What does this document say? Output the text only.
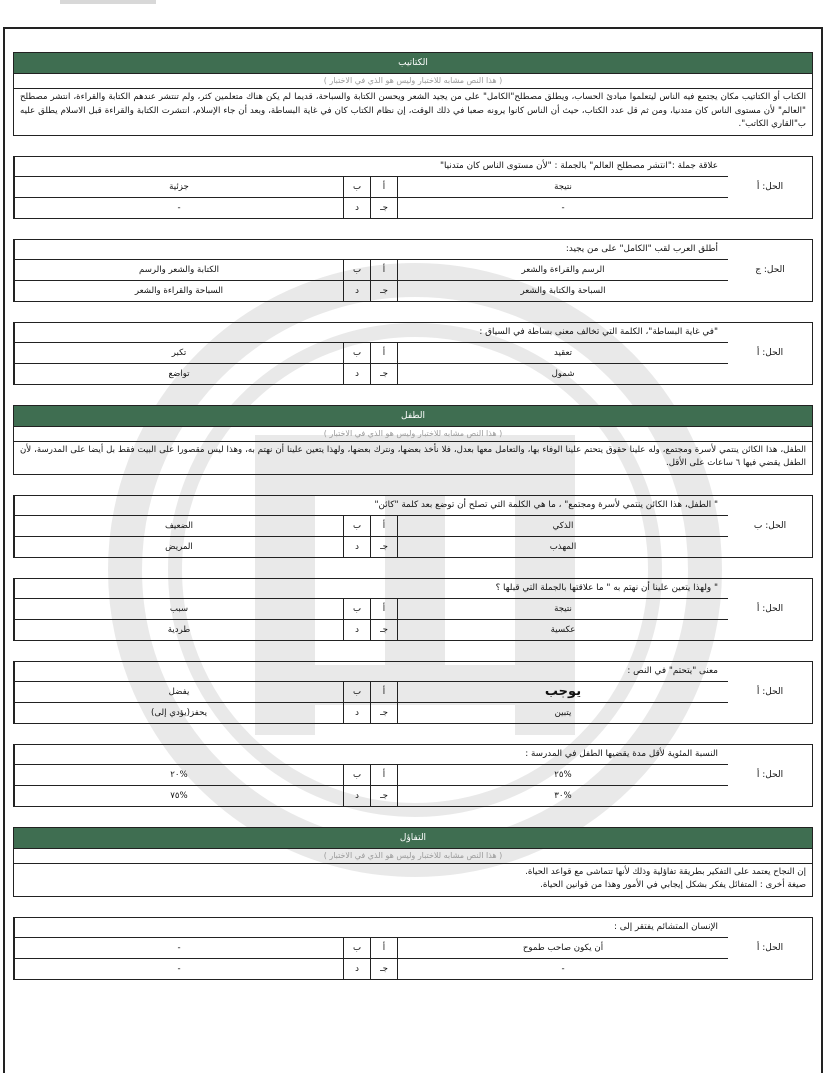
الكتاتيب
( هذا النص مشابه للاختبار وليس هو الذي في الاختبار )
الكتاب أو الكتاتيب مكان يجتمع فيه الناس ليتعلموا مبادئ الحساب، ويطلق مصطلح"الكامل" على من يجيد الشعر ويحسن الكتابة والسباحة، قديما لم يكن هناك متعلمين كثر، ولم تنتشر عندهم الكتابة والقراءة، انتشر مصطلح "العالم" لأن مستوى الناس كان متدنيا، ومن ثم قل عدد الكتاب، حيث أن الناس كانوا يرونه صعبا في ذلك الوقت، إن نظام الكتاب كان في غاية البساطة، وبعد أن جاء الإسلام، انتشرت الكتابة والقراءة قبل الاسلام يطلق عليه ب"القاري الكاتب".
علاقة جملة :"انتشر مصطلح العالم" بالجملة : "لأن مستوى الناس كان متدنيا"
نتيجة
أ
ب
جزئية
-
جـ
د
-
الحل: أ
أطلق العرب لقب "الكامل" على من يجيد:
الرسم والقراءة والشعر
أ
ب
الكتابة والشعر والرسم
السباحة والكتابة والشعر
جـ
د
السباحة والقراءة والشعر
الحل: ج
"في غاية البساطة"، الكلمة التي تخالف معنى بساطة في السياق :
تعقيد
أ
ب
تكبر
شمول
جـ
د
تواضع
الحل: أ
الطفل
( هذا النص مشابه للاختبار وليس هو الذي في الاختبار )
الطفل، هذا الكائن ينتمي لأسرة ومجتمع، وله علينا حقوق يتحتم علينا الوفاء بها، والتعامل معها بعدل، فلا نأخذ بعضها، ونترك بعضها، ولهذا يتعين علينا أن نهتم به، وهذا ليس مقصورا على البيت فقط بل أيضا على المدرسة، لأن الطفل يقضي فيها ٦ ساعات على الأقل.
" الطفل، هذا الكائن ينتمي لأسرة ومجتمع" ، ما هي الكلمة التي تصلح أن توضع بعد كلمة "كائن"
الذكي
أ
ب
الضعيف
المهذب
جـ
د
المريض
الحل: ب
" ولهذا يتعين علينا أن نهتم به " ما علاقتها بالجملة التي قبلها ؟
نتيجة
أ
ب
سبب
عكسية
جـ
د
طردية
الحل: أ
معنى "يتحتم" في النص :
يوجب
أ
ب
يفضل
يتبين
جـ
د
يحفز(يؤدي إلى)
الحل: أ
النسبة المئوية لأقل مدة يقضيها الطفل في المدرسة :
%٢٥
أ
ب
%٢٠
%٣٠
جـ
د
%٧٥
الحل: أ
التفاؤل
( هذا النص مشابه للاختبار وليس هو الذي في الاختبار )
إن النجاح يعتمد على التفكير بطريقة تفاؤلية وذلك لأنها تتماشى مع قواعد الحياة.
صيغة أخرى : المتفائل يفكر بشكل إيجابي في الأمور وهذا من قوانين الحياة.
الإنسان المتشائم يفتقر إلى :
أن يكون صاحب طموح
أ
ب
-
-
جـ
د
-
الحل: أ
